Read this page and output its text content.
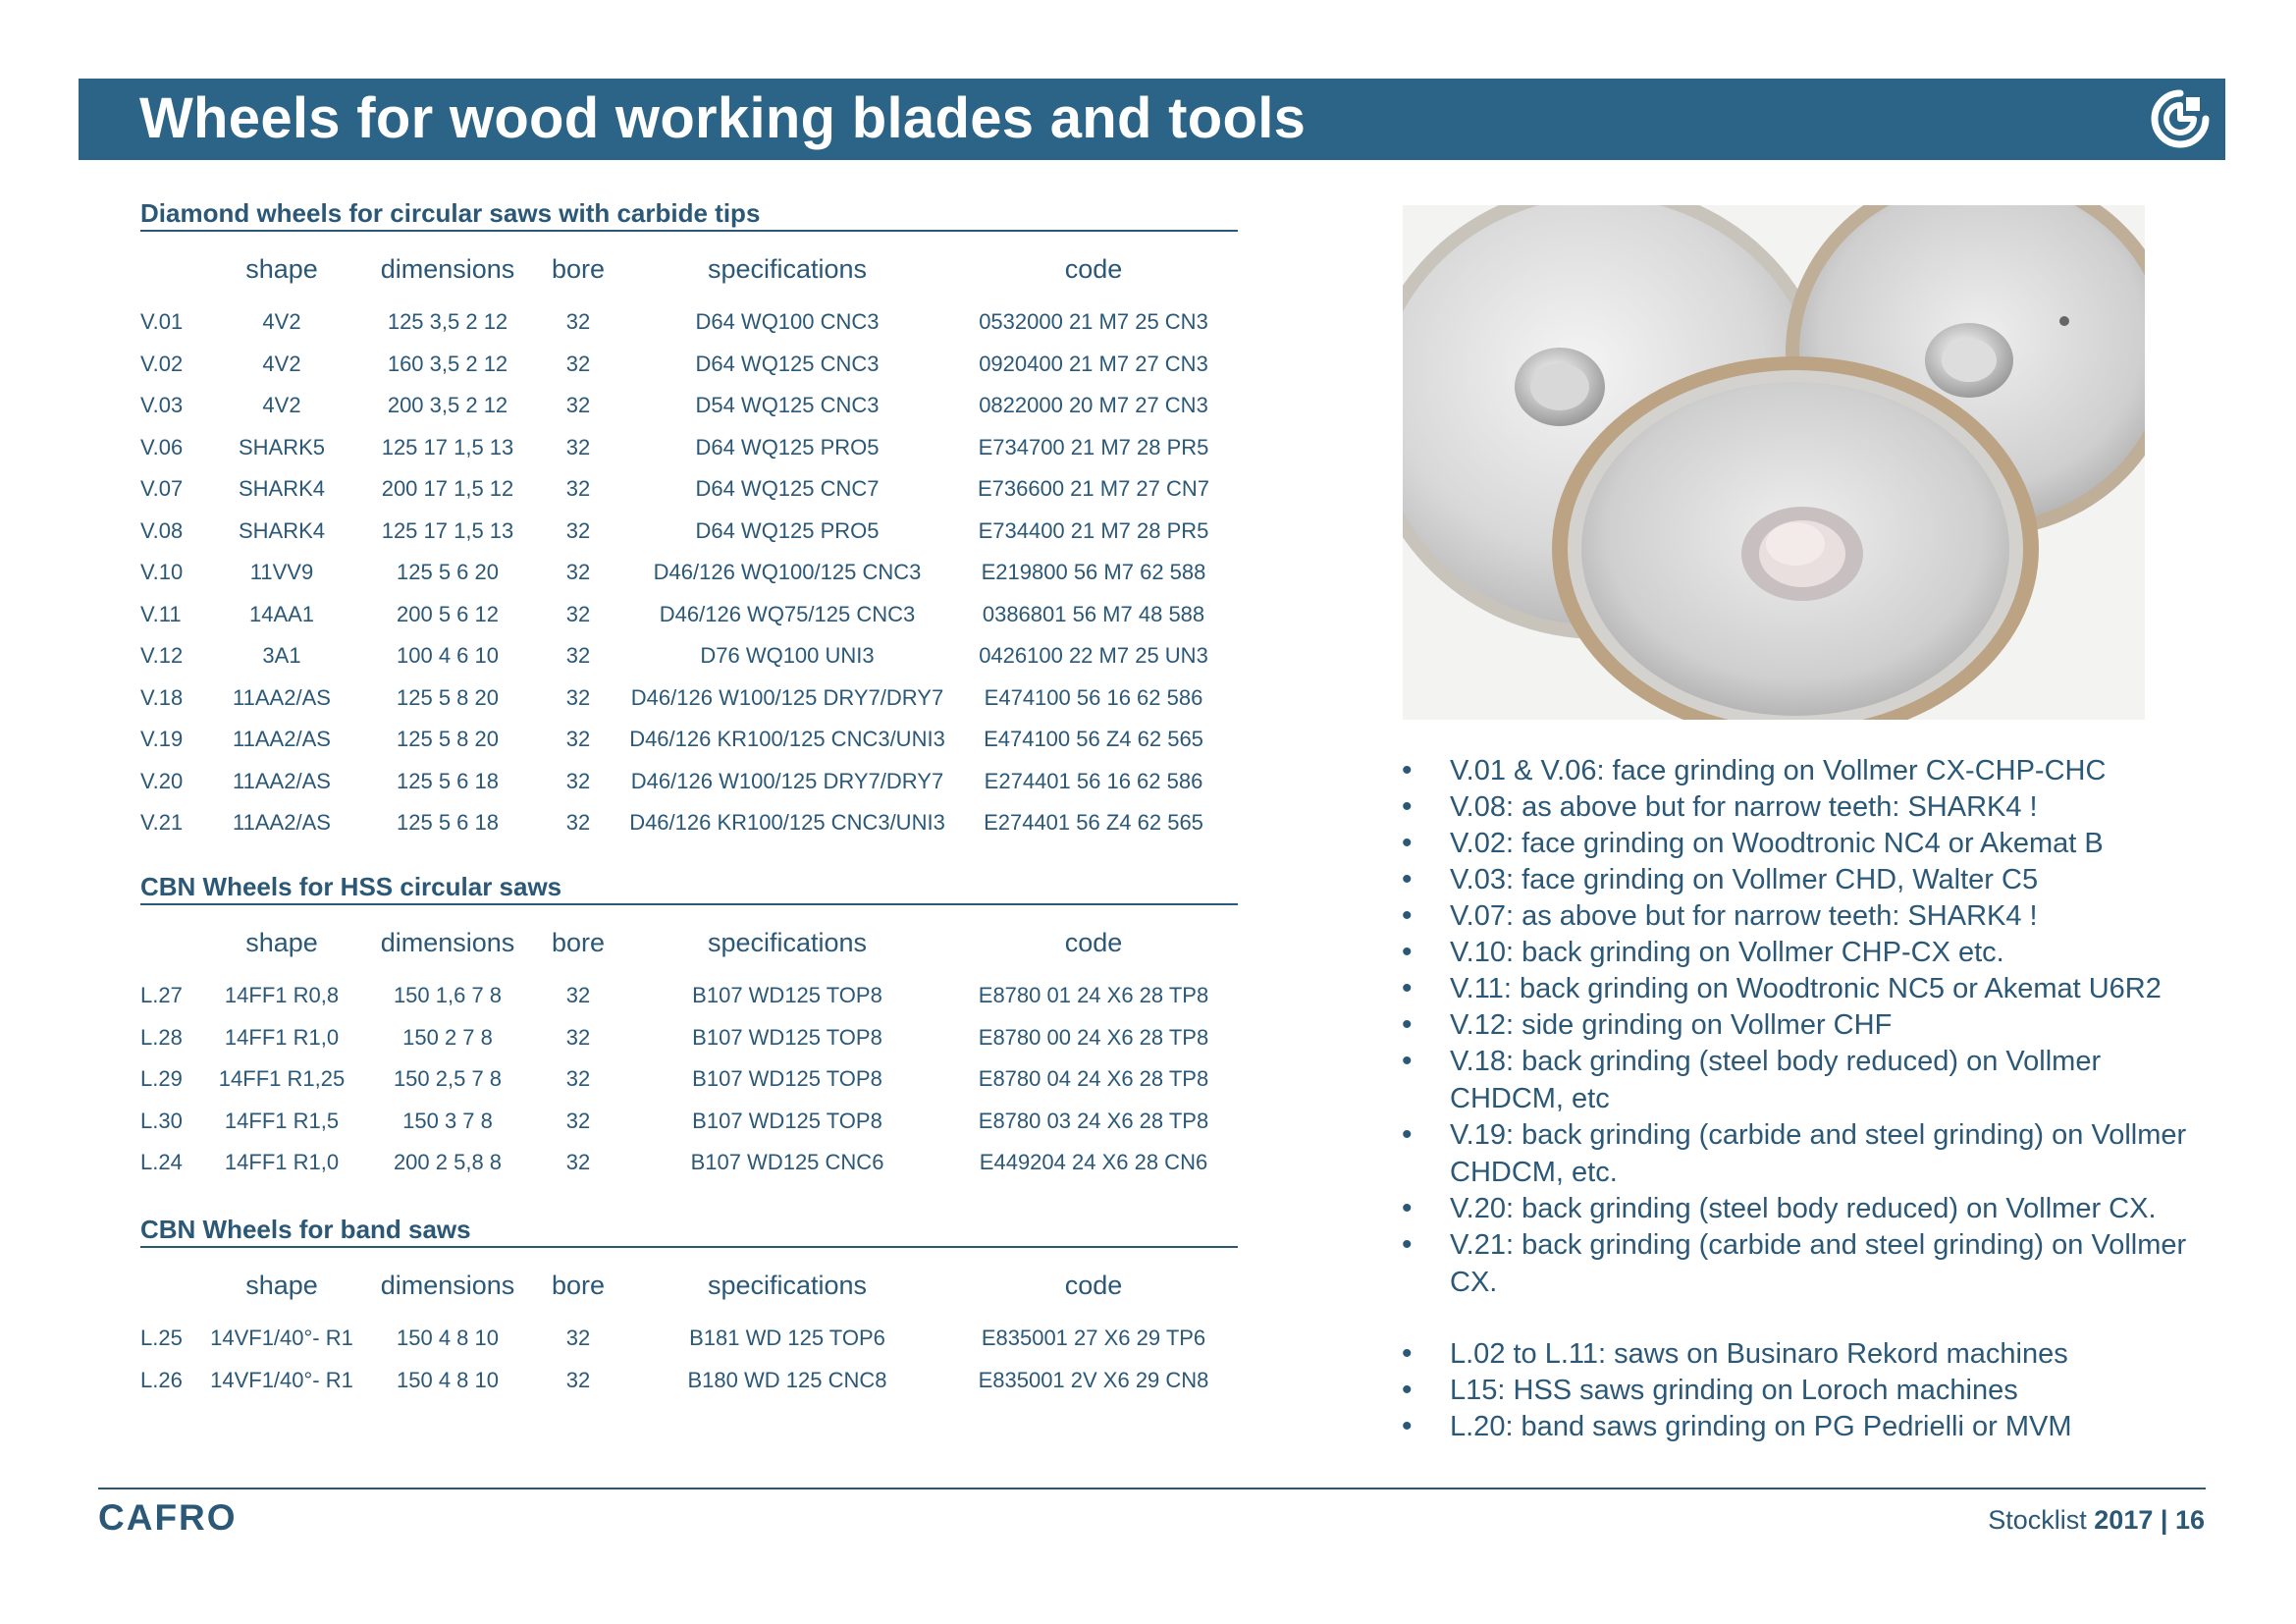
Wheels for wood working blades and tools
Diamond wheels for circular saws with carbide tips
	shape	dimensions	bore	specifications	code
V.01	4V2	125 3,5 2 12	32	D64 WQ100 CNC3	0532000 21 M7 25 CN3
V.02	4V2	160 3,5 2 12	32	D64 WQ125 CNC3	0920400 21 M7 27 CN3
V.03	4V2	200 3,5 2 12	32	D54 WQ125 CNC3	0822000 20 M7 27 CN3
V.06	SHARK5	125 17 1,5 13	32	D64 WQ125 PRO5	E734700 21 M7 28 PR5
V.07	SHARK4	200 17 1,5 12	32	D64 WQ125 CNC7	E736600 21 M7 27 CN7
V.08	SHARK4	125 17 1,5 13	32	D64 WQ125 PRO5	E734400 21 M7 28 PR5
V.10	11VV9	125 5 6 20	32	D46/126 WQ100/125 CNC3	E219800 56 M7 62 588
V.11	14AA1	200 5 6 12	32	D46/126 WQ75/125 CNC3	0386801 56 M7 48 588
V.12	3A1	100 4 6 10	32	D76 WQ100 UNI3	0426100 22 M7 25 UN3
V.18	11AA2/AS	125 5 8 20	32	D46/126 W100/125 DRY7/DRY7	E474100 56 16 62 586
V.19	11AA2/AS	125 5 8 20	32	D46/126 KR100/125 CNC3/UNI3	E474100 56 Z4 62 565
V.20	11AA2/AS	125 5 6 18	32	D46/126 W100/125 DRY7/DRY7	E274401 56 16 62 586
V.21	11AA2/AS	125 5 6 18	32	D46/126 KR100/125 CNC3/UNI3	E274401 56 Z4 62 565
CBN Wheels for HSS circular saws
	shape	dimensions	bore	specifications	code
L.27	14FF1 R0,8	150 1,6 7 8	32	B107 WD125 TOP8	E8780 01 24 X6 28 TP8
L.28	14FF1 R1,0	150 2 7 8	32	B107 WD125 TOP8	E8780 00 24 X6 28 TP8
L.29	14FF1 R1,25	150 2,5 7 8	32	B107 WD125 TOP8	E8780 04 24 X6 28 TP8
L.30	14FF1 R1,5	150 3 7 8	32	B107 WD125 TOP8	E8780 03 24 X6 28 TP8
L.24	14FF1 R1,0	200 2 5,8 8	32	B107 WD125 CNC6	E449204 24 X6 28 CN6
CBN Wheels for band saws
	shape	dimensions	bore	specifications	code
L.25	14VF1/40°- R1	150 4 8 10	32	B181 WD 125 TOP6	E835001 27 X6 29 TP6
L.26	14VF1/40°- R1	150 4 8 10	32	B180 WD 125 CNC8	E835001 2V X6 29 CN8
• V.01 & V.06: face grinding on Vollmer CX-CHP-CHC
• V.08: as above but for narrow teeth: SHARK4 !
• V.02: face grinding on Woodtronic NC4 or Akemat B
• V.03: face grinding on Vollmer CHD, Walter C5
• V.07: as above but for narrow teeth: SHARK4 !
• V.10: back grinding on Vollmer CHP-CX etc.
• V.11: back grinding on Woodtronic NC5 or Akemat U6R2
• V.12: side grinding on Vollmer CHF
• V.18: back grinding (steel body reduced) on Vollmer CHDCM, etc
• V.19: back grinding (carbide and steel grinding) on Vollmer CHDCM, etc.
• V.20: back grinding (steel body reduced) on Vollmer CX.
• V.21: back grinding (carbide and steel grinding) on Vollmer CX.
• L.02 to L.11: saws on Businaro Rekord machines
• L15: HSS saws grinding on Loroch machines
• L.20: band saws grinding on PG Pedrielli or MVM
CAFRO	Stocklist 2017 | 16
